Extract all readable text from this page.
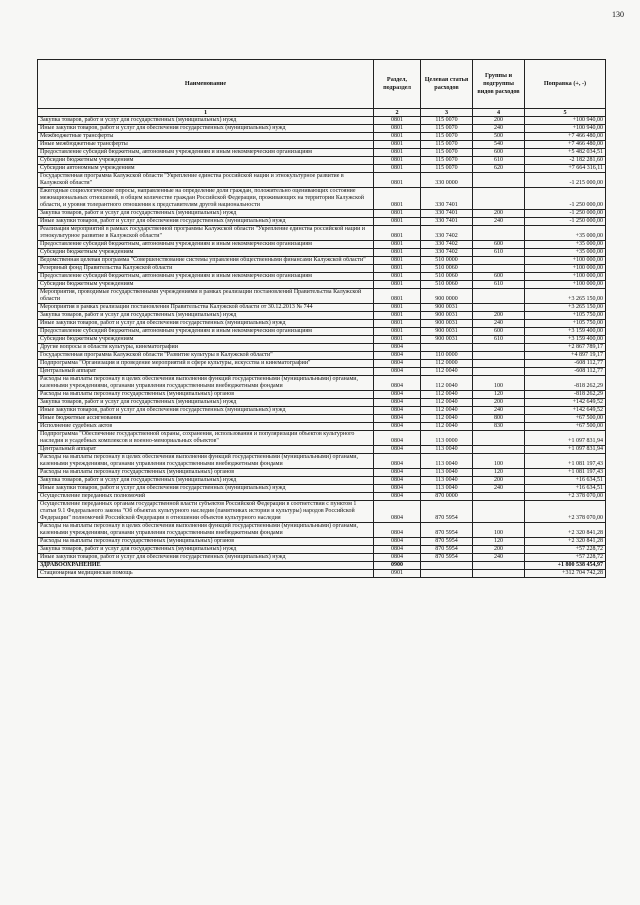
130
Наименование	Раздел, подраздел	Целевая статья расходов	Группы и подгруппы видов расходов	Поправка (+, -)
1	2	3	4	5
Закупка товаров, работ и услуг для государственных (муниципальных) нужд	0801	115 0070	200	+100 940,00
Иные закупки товаров, работ и услуг для обеспечения государственных (муниципальных) нужд	0801	115 0070	240	+100 940,00
Межбюджетные трансферты	0801	115 0070	500	+7 466 480,00
Иные межбюджетные трансферты	0801	115 0070	540	+7 466 480,00
Предоставление субсидий бюджетным, автономным учреждениям и иным некоммерческим организациям	0801	115 0070	600	+5 482 034,51
Субсидии бюджетным учреждениям	0801	115 0070	610	-2 182 281,60
Субсидии автономным учреждениям	0801	115 0070	620	+7 664 316,11
Государственная программа Калужской области "Укрепление единства российской нации и этнокультурное развитие в Калужской области"	0801	330 0000		-1 215 000,00
Ежегодные социологические опросы, направленные на определение доли граждан, положительно оценивающих состояние межнациональных отношений, в общем количестве граждан Российской Федерации, проживающих на территории Калужской области, и уровня толерантного отношения к представителям другой национальности	0801	330 7401		-1 250 000,00
Закупка товаров, работ и услуг для государственных (муниципальных) нужд	0801	330 7401	200	-1 250 000,00
Иные закупки товаров, работ и услуг для обеспечения государственных (муниципальных) нужд	0801	330 7401	240	-1 250 000,00
Реализация мероприятий в рамках государственной программы Калужской области "Укрепление единства российской нации и этнокультурное развитие в Калужской области"	0801	330 7402		+35 000,00
Предоставление субсидий бюджетным, автономным учреждениям и иным некоммерческим организациям	0801	330 7402	600	+35 000,00
Субсидии бюджетным учреждениям	0801	330 7402	610	+35 000,00
Ведомственная целевая программа "Совершенствование системы управления общественными финансами Калужской области"	0801	510 0000		+100 000,00
Резервный фонд Правительства Калужской области	0801	510 0060		+100 000,00
Предоставление субсидий бюджетным, автономным учреждениям и иным некоммерческим организациям	0801	510 0060	600	+100 000,00
Субсидии бюджетным учреждениям	0801	510 0060	610	+100 000,00
Мероприятия, проводимые государственными учреждениями в рамках реализации постановлений Правительства Калужской области	0801	900 0000		+3 265 150,00
Мероприятия в рамках реализации постановления Правительства Калужской области от 30.12.2013 № 744	0801	900 0031		+3 265 150,00
Закупка товаров, работ и услуг для государственных (муниципальных) нужд	0801	900 0031	200	+105 750,00
Иные закупки товаров, работ и услуг для обеспечения государственных (муниципальных) нужд	0801	900 0031	240	+105 750,00
Предоставление субсидий бюджетным, автономным учреждениям и иным некоммерческим организациям	0801	900 0031	600	+3 159 400,00
Субсидии бюджетным учреждениям	0801	900 0031	610	+3 159 400,00
Другие вопросы в области культуры, кинематографии	0804			+2 867 789,17
Государственная программа Калужской области "Развитие культуры в Калужской области"	0804	110 0000		+4 897 19,17
Подпрограмма "Организация и проведение мероприятий в сфере культуры, искусства и кинематографии"	0804	112 0000		-608 112,77
Центральный аппарат	0804	112 0040		-608 112,77
Расходы на выплаты персоналу в целях обеспечения выполнения функций государственными (муниципальными) органами, казенными учреждениями, органами управления государственными внебюджетными фондами	0804	112 0040	100	-818 262,29
Расходы на выплаты персоналу государственных (муниципальных) органов	0804	112 0040	120	-818 262,29
Закупка товаров, работ и услуг для государственных (муниципальных) нужд	0804	112 0040	200	+142 649,52
Иные закупки товаров, работ и услуг для обеспечения государственных (муниципальных) нужд	0804	112 0040	240	+142 649,52
Иные бюджетные ассигнования	0804	112 0040	800	+67 500,00
Исполнение судебных актов	0804	112 0040	830	+67 500,00
Подпрограмма "Обеспечение государственной охраны, сохранения, использования и популяризации объектов культурного наследия и усадебных комплексов и военно-мемориальных объектов"	0804	113 0000		+1 097 831,94
Центральный аппарат	0804	113 0040		+1 097 831,94
Расходы на выплаты персоналу в целях обеспечения выполнения функций государственными (муниципальными) органами, казенными учреждениями, органами управления государственными внебюджетными фондами	0804	113 0040	100	+1 081 197,43
Расходы на выплаты персоналу государственных (муниципальных) органов	0804	113 0040	120	+1 081 197,43
Закупка товаров, работ и услуг для государственных (муниципальных) нужд	0804	113 0040	200	+16 634,51
Иные закупки товаров, работ и услуг для обеспечения государственных (муниципальных) нужд	0804	113 0040	240	+16 634,51
Осуществление переданных полномочий	0804	870 0000		+2 378 070,00
Осуществление переданных органам государственной власти субъектов Российской Федерации в соответствии с пунктом 1 статьи 9.1 Федерального закона "Об объектах культурного наследия (памятниках истории и культуры) народов Российской Федерации" полномочий Российской Федерации в отношении объектов культурного наследия	0804	870 5954		+2 378 070,00
Расходы на выплаты персоналу в целях обеспечения выполнения функций государственными (муниципальными) органами, казенными учреждениями, органами управления государственными внебюджетными фондами	0804	870 5954	100	+2 320 841,28
Расходы на выплаты персоналу государственных (муниципальных) органов	0804	870 5954	120	+2 320 841,28
Закупка товаров, работ и услуг для государственных (муниципальных) нужд	0804	870 5954	200	+57 228,72
Иные закупки товаров, работ и услуг для обеспечения государственных (муниципальных) нужд	0804	870 5954	240	+57 228,72
ЗДРАВООХРАНЕНИЕ	0900			+1 800 538 454,97
Стационарная медицинская помощь	0901			+312 704 742,28
